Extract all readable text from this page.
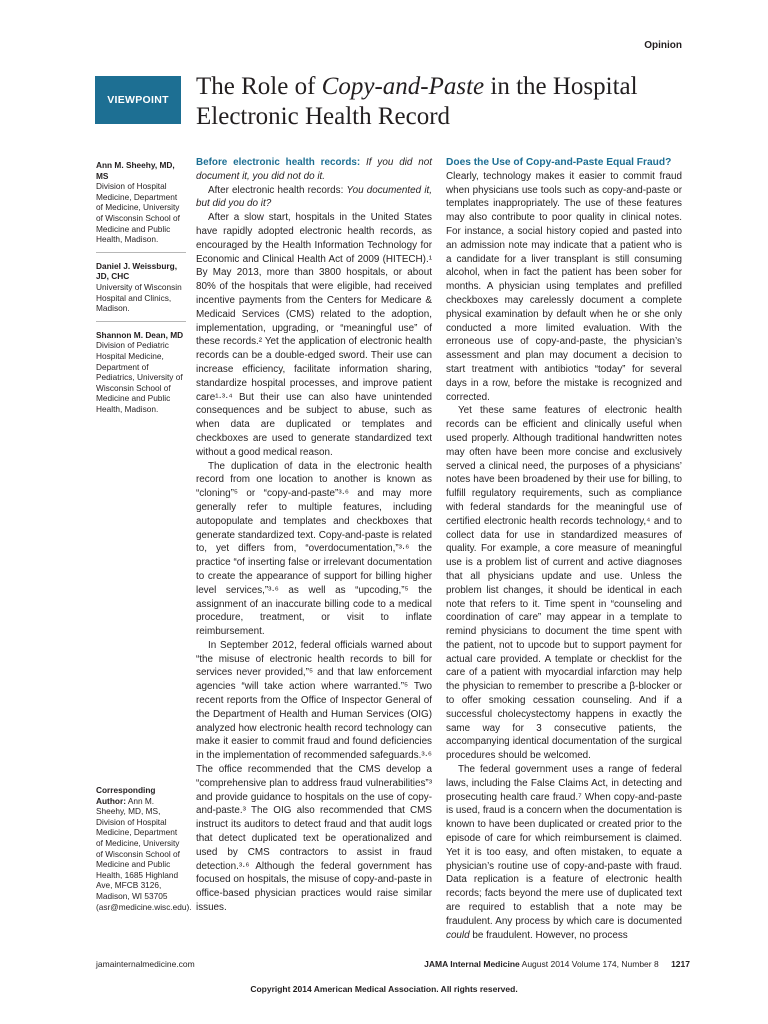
Opinion
VIEWPOINT	The Role of Copy-and-Paste in the Hospital Electronic Health Record
Ann M. Sheehy, MD, MS
Division of Hospital Medicine, Department of Medicine, University of Wisconsin School of Medicine and Public Health, Madison.
Daniel J. Weissburg, JD, CHC
University of Wisconsin Hospital and Clinics, Madison.
Shannon M. Dean, MD
Division of Pediatric Hospital Medicine, Department of Pediatrics, University of Wisconsin School of Medicine and Public Health, Madison.
Corresponding Author: Ann M. Sheehy, MD, MS, Division of Hospital Medicine, Department of Medicine, University of Wisconsin School of Medicine and Public Health, 1685 Highland Ave, MFCB 3126, Madison, WI 53705 (asr@medicine.wisc.edu).

Before electronic health records: If you did not document it, you did not do it.

After electronic health records: You documented it, but did you do it?

After a slow start, hospitals in the United States have rapidly adopted electronic health records, as encouraged by the Health Information Technology for Economic and Clinical Health Act of 2009 (HITECH).¹ By May 2013, more than 3800 hospitals, or about 80% of the hospitals that were eligible, had received incentive payments from the Centers for Medicare & Medicaid Services (CMS) related to the adoption, implementation, upgrading, or “meaningful use” of these records.² Yet the application of electronic health records can be a double-edged sword. Their use can increase efficiency, facilitate information sharing, standardize hospital processes, and improve patient care¹·³·⁴ But their use can also have unintended consequences and be subject to abuse, such as when data are duplicated or templates and checkboxes are used to generate standardized text without a good medical reason.

The duplication of data in the electronic health record from one location to another is known as “cloning”⁵ or “copy-and-paste”³·⁶ and may more generally refer to multiple features, including autopopulate and templates and checkboxes that generate standardized text. Copy-and-paste is related to, yet differs from, “overdocumentation,”³·⁶ the practice “of inserting false or irrelevant documentation to create the appearance of support for billing higher level services,”³·⁶ as well as “upcoding,”⁵ the assignment of an inaccurate billing code to a medical procedure, treatment, or visit to inflate reimbursement.

In September 2012, federal officials warned about “the misuse of electronic health records to bill for services never provided,”⁵ and that law enforcement agencies “will take action where warranted.”⁵ Two recent reports from the Office of Inspector General of the Department of Health and Human Services (OIG) analyzed how electronic health record technology can make it easier to commit fraud and found deficiencies in the implementation of recommended safeguards.³·⁶ The office recommended that the CMS develop a “comprehensive plan to address fraud vulnerabilities”³ and provide guidance to hospitals on the use of copy-and-paste.³ The OIG also recommended that CMS instruct its auditors to detect fraud and that audit logs that detect duplicated text be operationalized and used by CMS contractors to assist in fraud detection.³·⁶ Although the federal government has focused on hospitals, the misuse of copy-and-paste in office-based physician practices would raise similar issues.

Does the Use of Copy-and-Paste Equal Fraud?

Clearly, technology makes it easier to commit fraud when physicians use tools such as copy-and-paste or templates inappropriately. The use of these features may also contribute to poor quality in clinical notes. For instance, a social history copied and pasted into an admission note may indicate that a patient who is a candidate for a liver transplant is still consuming alcohol, when in fact the patient has been sober for months. A physician using templates and prefilled checkboxes may carelessly document a complete physical examination by default when he or she only conducted a more limited evaluation. With the erroneous use of copy-and-paste, the physician’s assessment and plan may document a decision to start treatment with antibiotics “today” for several days in a row, before the mistake is recognized and corrected.

Yet these same features of electronic health records can be efficient and clinically useful when used properly. Although traditional handwritten notes may often have been more concise and exclusively served a clinical need, the purposes of a physicians’ notes have been broadened by their use for billing, to fulfill regulatory requirements, such as compliance with federal standards for the meaningful use of certified electronic health records technology,⁴ and to collect data for use in standardized measures of quality. For example, a core measure of meaningful use is a problem list of current and active diagnoses that all physicians update and use. Unless the problem list changes, it should be identical in each note that refers to it. Time spent in “counseling and coordination of care” may appear in a template to remind physicians to document the time spent with the patient, not to upcode but to support payment for actual care provided. A template or checklist for the care of a patient with myocardial infarction may help the physician to remember to prescribe a β-blocker or to offer smoking cessation counseling. And if a successful cholecystectomy happens in exactly the same way for 3 consecutive patients, the accompanying identical documentation of the surgical procedures should be welcomed.

The federal government uses a range of federal laws, including the False Claims Act, in detecting and prosecuting health care fraud.⁷ When copy-and-paste is used, fraud is a concern when the documentation is known to have been duplicated or created prior to the episode of care for which reimbursement is claimed. Yet it is too easy, and often mistaken, to equate a physician’s routine use of copy-and-paste with fraud. Data replication is a feature of electronic health records; facts beyond the mere use of duplicated text are required to establish that a note may be fraudulent. Any process by which care is documented could be fraudulent. However, no process

jamainternalmedicine.com	JAMA Internal Medicine August 2014 Volume 174, Number 8 1217
Copyright 2014 American Medical Association. All rights reserved.
